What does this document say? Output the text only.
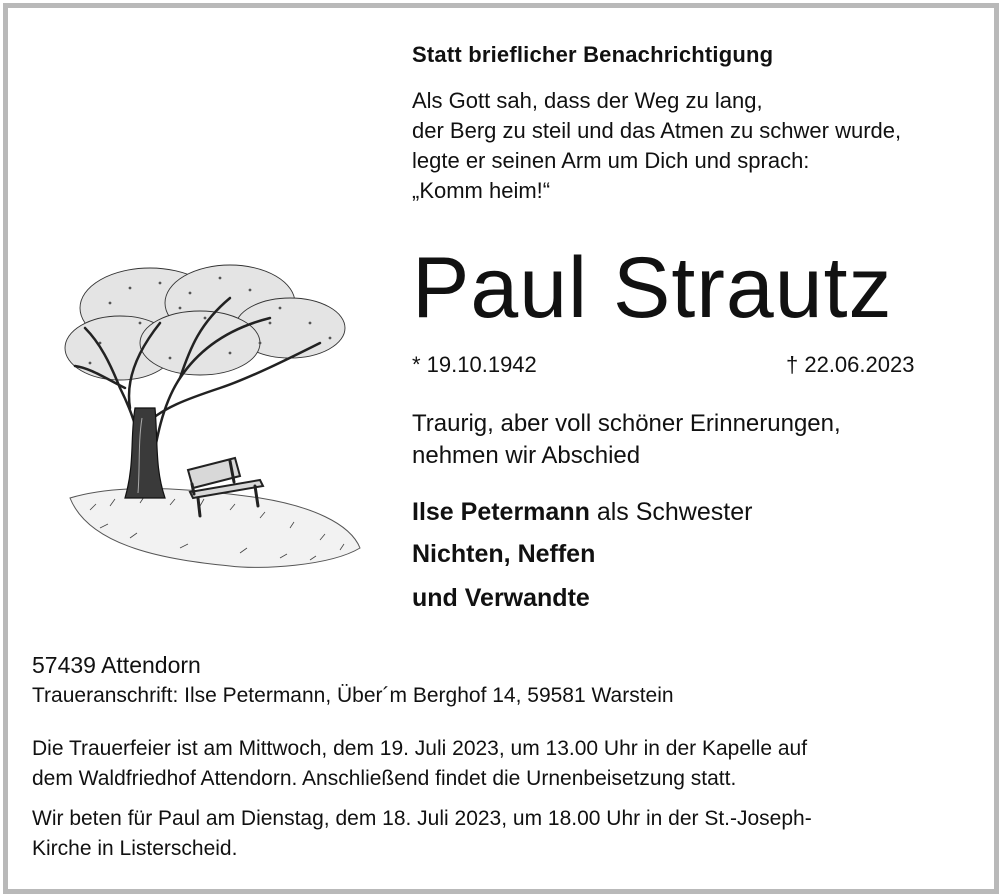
Statt brieflicher Benachrichtigung
Als Gott sah, dass der Weg zu lang,
der Berg zu steil und das Atmen zu schwer wurde,
legte er seinen Arm um Dich und sprach:
„Komm heim!“
Paul Strautz
* 19.10.1942	† 22.06.2023
Traurig, aber voll schöner Erinnerungen,
nehmen wir Abschied
Ilse Petermann als Schwester
Nichten, Neffen
und Verwandte
57439 Attendorn
Traueranschrift: Ilse Petermann, Über´m Berghof 14, 59581 Warstein
Die Trauerfeier ist am Mittwoch, dem 19. Juli 2023, um 13.00 Uhr in der Kapelle auf
dem Waldfriedhof Attendorn. Anschließend findet die Urnenbeisetzung statt.
Wir beten für Paul am Dienstag, dem 18. Juli 2023, um 18.00 Uhr in der St.-Joseph-
Kirche in Listerscheid.
